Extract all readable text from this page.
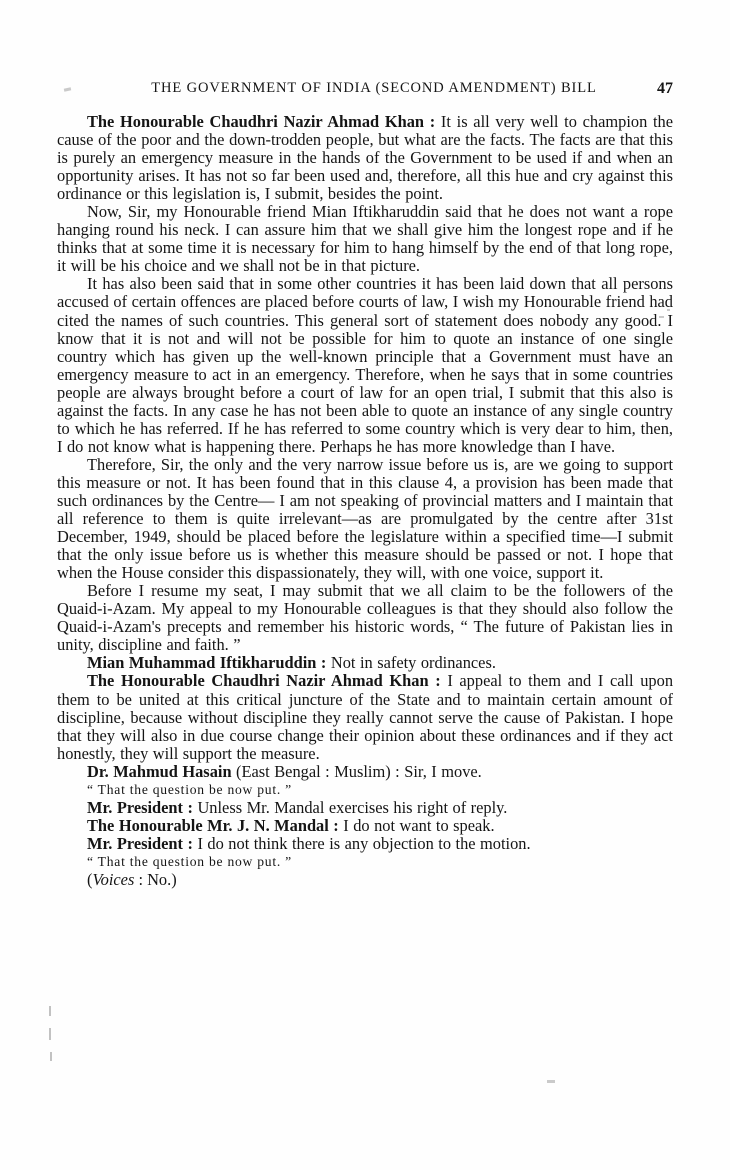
THE GOVERNMENT OF INDIA (SECOND AMENDMENT) BILL	47

The Honourable Chaudhri Nazir Ahmad Khan : It is all very well to champion the cause of the poor and the down-trodden people, but what are the facts. The facts are that this is purely an emergency measure in the hands of the Government to be used if and when an opportunity arises. It has not so far been used and, therefore, all this hue and cry against this ordinance or this legislation is, I submit, besides the point.

Now, Sir, my Honourable friend Mian Iftikharuddin said that he does not want a rope hanging round his neck. I can assure him that we shall give him the longest rope and if he thinks that at some time it is necessary for him to hang himself by the end of that long rope, it will be his choice and we shall not be in that picture.

It has also been said that in some other countries it has been laid down that all persons accused of certain offences are placed before courts of law, I wish my Honourable friend had cited the names of such countries. This general sort of statement does nobody any good. I know that it is not and will not be possible for him to quote an instance of one single country which has given up the well-known principle that a Government must have an emergency measure to act in an emergency. Therefore, when he says that in some countries people are always brought before a court of law for an open trial, I submit that this also is against the facts. In any case he has not been able to quote an instance of any single country to which he has referred. If he has referred to some country which is very dear to him, then, I do not know what is happening there. Perhaps he has more knowledge than I have.

Therefore, Sir, the only and the very narrow issue before us is, are we going to support this measure or not. It has been found that in this clause 4, a provision has been made that such ordinances by the Centre— I am not speaking of provincial matters and I maintain that all reference to them is quite irrelevant—as are promulgated by the centre after 31st December, 1949, should be placed before the legislature within a specified time—I submit that the only issue before us is whether this measure should be passed or not. I hope that when the House consider this dispassionately, they will, with one voice, support it.

Before I resume my seat, I may submit that we all claim to be the followers of the Quaid-i-Azam. My appeal to my Honourable colleagues is that they should also follow the Quaid-i-Azam's precepts and remember his historic words, “ The future of Pakistan lies in unity, discipline and faith. ”

Mian Muhammad Iftikharuddin : Not in safety ordinances.

The Honourable Chaudhri Nazir Ahmad Khan : I appeal to them and I call upon them to be united at this critical juncture of the State and to maintain certain amount of discipline, because without discipline they really cannot serve the cause of Pakistan. I hope that they will also in due course change their opinion about these ordinances and if they act honestly, they will support the measure.

Dr. Mahmud Hasain (East Bengal : Muslim) : Sir, I move.

“ That the question be now put. ”

Mr. President : Unless Mr. Mandal exercises his right of reply.

The Honourable Mr. J. N. Mandal : I do not want to speak.

Mr. President : I do not think there is any objection to the motion.

“ That the question be now put. ”

(Voices : No.)
